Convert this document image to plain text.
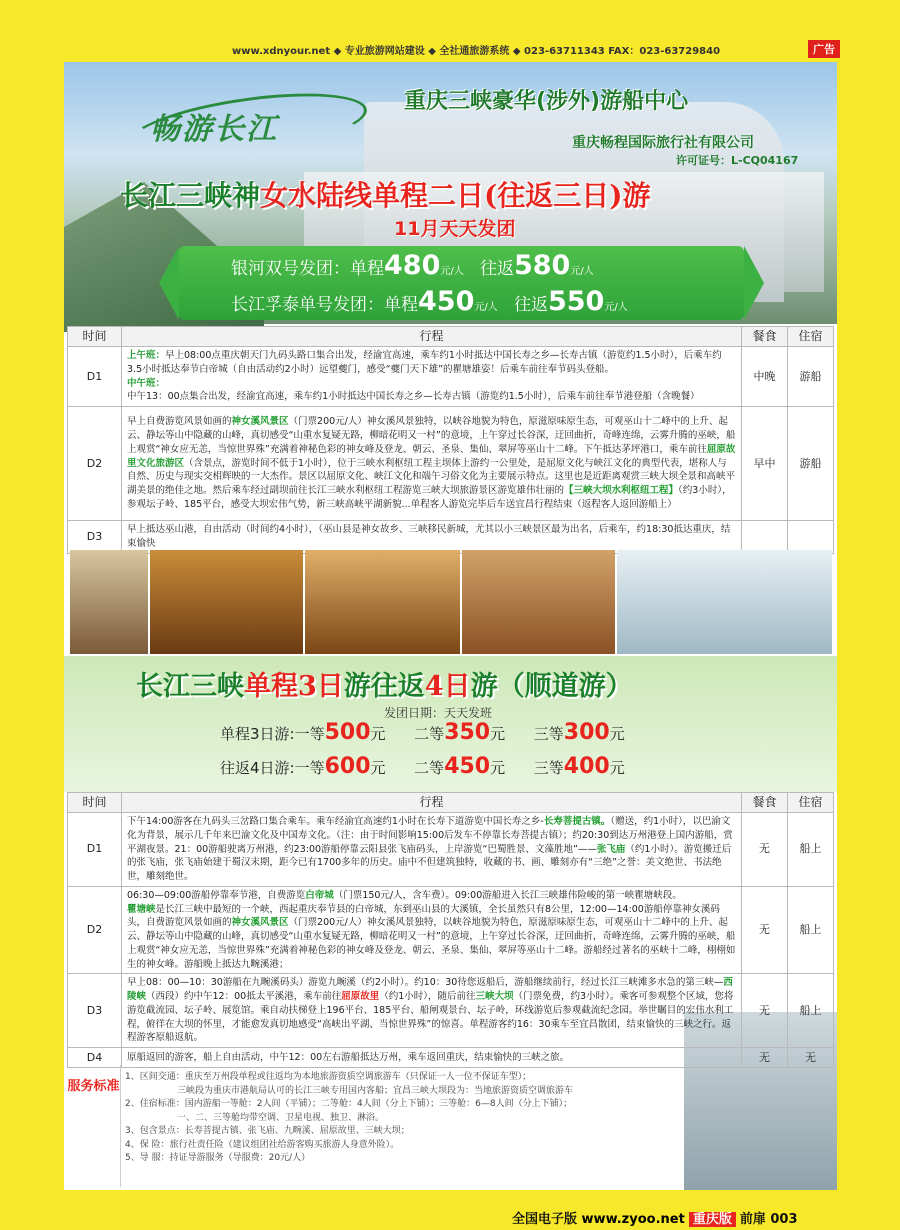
www.xdnyour.net ◆ 专业旅游网站建设 ◆ 全社通旅游系统 ◆ 023-63711343 FAX：023-63729840	广告
畅游长江
重庆三峡豪华(涉外)游船中心
重庆畅程国际旅行社有限公司
许可证号：L-CQ04167
长江三峡神女水陆线单程二日(往返三日)游
11月天天发团
银河双号发团：单程480元/人 往返580元/人
长江孚泰单号发团：单程450元/人 往返550元/人
时间	行程	餐食	住宿
D1	上午班：早上08:00点重庆朝天门九码头路口集合出发，经渝宜高速，乘车约1小时抵达中国长寿之乡—长寿古镇（游览约1.5小时），后乘车约3.5小时抵达奉节白帝城（自由活动约2小时）远望夔门，感受“夔门天下雄”的瞿塘雄姿！后乘车前往奉节码头登船。
中午班：中午13：00点集合出发，经渝宜高速，乘车约1小时抵达中国长寿之乡—长寿古镇（游览约1.5小时），后乘车前往奉节港登船（含晚餐）	中晚	游船
D2	早上自费游览风景如画的神女溪风景区（门票200元/人）神女溪风景独特，以峡谷地貌为特色，原滋原味原生态，可观巫山十二峰中的上升、起云、静坛等山中隐藏的山峰，真切感受“山重水复疑无路，柳暗花明又一村”的意境，上午穿过长谷深，迂回曲折，奇峰连绵，云雾升腾的巫峡，船上观赏“神女应无恙，当惊世界殊”充满着神秘色彩的神女峰及登龙、朝云、圣泉、集仙、翠屏等巫山十二峰。下午抵达茅坪港口，乘车前往屈原故里文化旅游区（含景点，游览时间不低于1小时），位于三峡水利枢纽工程主坝体上游约一公里处，是屈原文化与峡江文化的典型代表，堪称人与自然、历史与现实交相辉映的一大杰作。景区以屈原文化、峡江文化和端午习俗文化为主要展示特点。这里也是近距离观赏三峡大坝全景和高峡平湖美景的绝佳之地。然后乘车经过副坝前往长江三峡水利枢纽工程游览三峡大坝旅游景区游览雄伟壮丽的【三峡大坝水利枢纽工程】（约3小时），参观坛子岭、185平台，感受大坝宏伟气势，新三峡高峡平湖新貌...单程客人游览完毕后车送宜昌行程结束（返程客人返回游船上）	早中	游船
D3	早上抵达巫山港，自由活动（时间约4小时），（巫山县是神女故乡、三峡移民新城，尤其以小三峡景区最为出名，后乘车，约18:30抵达重庆，结束愉快		
长江三峡单程3日游往返4日游（顺道游）
发团日期：天天发班
单程3日游:一等500元 二等350元 三等300元
往返4日游:一等600元 二等450元 三等400元
时间	行程	餐食	住宿
D1	下午14:00游客在九码头三岔路口集合乘车。乘车经渝宜高速约1小时在长寿下道游览中国长寿之乡-长寿菩提古镇。（赠送，约1小时），以巴渝文化为背景，展示几千年来巴渝文化及中国寿文化。（注：由于时间影响15:00后发车不停靠长寿菩提古镇）；约20:30到达万州港登上国内游船，赏平湖夜景。21：00游船驶离万州港，约23:00游船停靠云阳县张飞庙码头，上岸游览“巴蜀胜景、文藻胜地”——张飞庙（约1小时）。游览搬迁后的张飞庙，张飞庙始建于蜀汉末期，距今已有1700多年的历史。庙中不但建筑独特，收藏的书、画、雕刻亦有“三绝”之誉：美文绝世、书法绝世，雕刻绝世。	无	船上
D2	06:30—09:00游船停靠奉节港，自费游览白帝城（门票150元/人，含车费）。09:00游船进入长江三峡雄伟险峻的第一峡瞿塘峡段。
瞿塘峡是长江三峡中最短的一个峡，西起重庆奉节县的白帝城，东到巫山县的大溪镇，全长虽然只有8公里，12:00—14:00游船停靠神女溪码头，自费游览风景如画的神女溪风景区（门票200元/人）神女溪风景独特，以峡谷地貌为特色，原滋原味原生态，可观巫山十二峰中的上升、起云、静坛等山中隐藏的山峰，真切感受“山重水复疑无路，柳暗花明又一村”的意境，上午穿过长谷深，迂回曲折，奇峰连绵，云雾升腾的巫峡，船上观赏“神女应无恙，当惊世界殊”充满着神秘色彩的神女峰及登龙、朝云、圣泉、集仙、翠屏等巫山十二峰。游船经过著名的巫峡十二峰，栩栩如生的神女峰。游船晚上抵达九畹溪港；	无	船上
D3	早上08：00—10：30游船在九畹溪码头）游览九畹溪（约2小时）。约10：30待您返船后，游船继续前行，经过长江三峡滩多水急的第三峡—西陵峡（西段）约中午12：00抵太平溪港，乘车前往屈原故里（约1小时），随后前往三峡大坝（门票免费，约3小时）。乘客可参观整个区域，您将游览截流园、坛子岭、展览馆。乘自动扶梯登上196平台、185平台、船闸观景台、坛子岭，环线游览后参观截流纪念园。举世瞩目的宏伟水利工程，俯徉在大坝的怀里，才能愈发真切地感受“高峡出平湖、当惊世界殊”的惊喜。单程游客约16：30乘车至宜昌散团，结束愉快的三峡之行。返程游客原船返航。	无	船上
D4	原船返回的游客，船上自由活动，中午12：00左右游船抵达万州，乘车返回重庆，结束愉快的三峡之旅。	无	无
服务标准
1、区间交通：重庆至万州段单程或往返均为本地旅游资质空调旅游车（只保证一人一位不保证车型）；
三峡段为重庆市港航局认可的长江三峡专用国内客船；宜昌三峡大坝段为：当地旅游资质空调旅游车
2、住宿标准：国内游船一等舱：2人间（平铺）；二等舱：4人间（分上下铺）；三等舱：6—8人间（分上下铺）；
一、二、三等舱均带空调、卫星电视、独卫、淋浴。
3、包含景点：长寿菩提古镇、张飞庙、九畹溪、屈原故里、三峡大坝；
4、保 险：旅行社责任险（建议组团社给游客购买旅游人身意外险）。
5、导 服：持证导游服务（导服费：20元/人）
全国电子版 www.zyoo.net 重庆版 前扉 003
